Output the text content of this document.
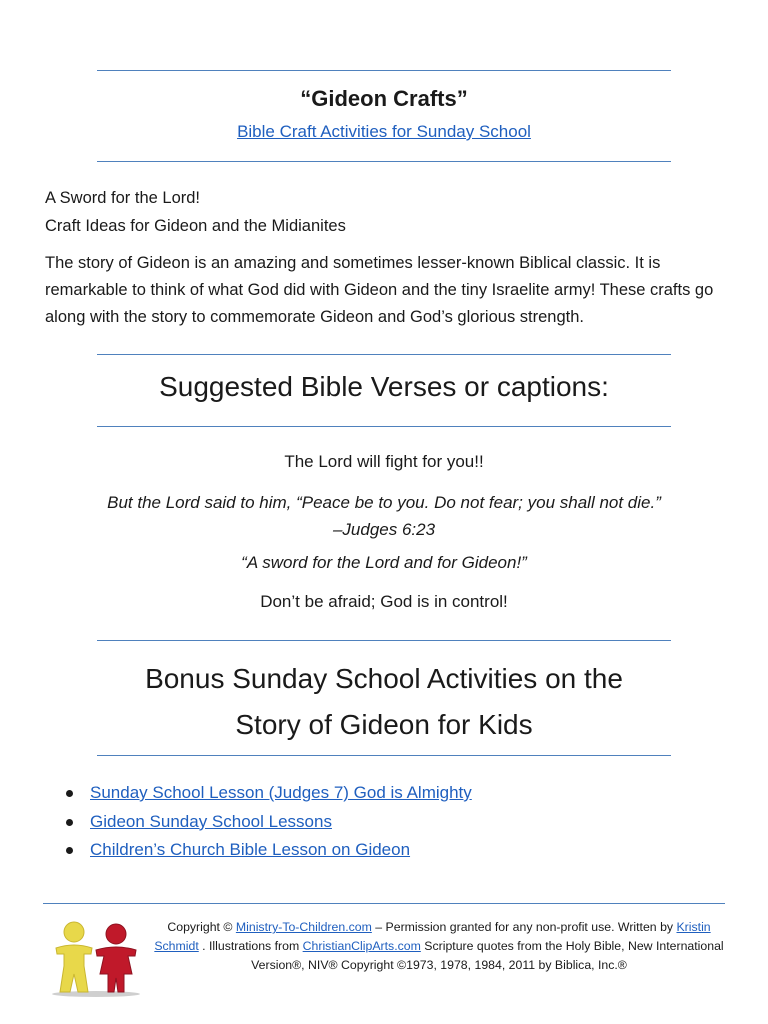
“Gideon Crafts”
Bible Craft Activities for Sunday School
A Sword for the Lord!
Craft Ideas for Gideon and the Midianites
The story of Gideon is an amazing and sometimes lesser-known Biblical classic. It is remarkable to think of what God did with Gideon and the tiny Israelite army! These crafts go along with the story to commemorate Gideon and God’s glorious strength.
Suggested Bible Verses or captions:
The Lord will fight for you!!
But the Lord said to him, “Peace be to you. Do not fear; you shall not die.”
–Judges 6:23
“A sword for the Lord and for Gideon!”
Don’t be afraid; God is in control!
Bonus Sunday School Activities on the
Story of Gideon for Kids
Sunday School Lesson (Judges 7) God is Almighty
Gideon Sunday School Lessons
Children’s Church Bible Lesson on Gideon
Copyright © Ministry-To-Children.com – Permission granted for any non-profit use. Written by Kristin Schmidt . Illustrations from ChristianClipArts.com Scripture quotes from the Holy Bible, New International Version®, NIV® Copyright ©1973, 1978, 1984, 2011 by Biblica, Inc.®
